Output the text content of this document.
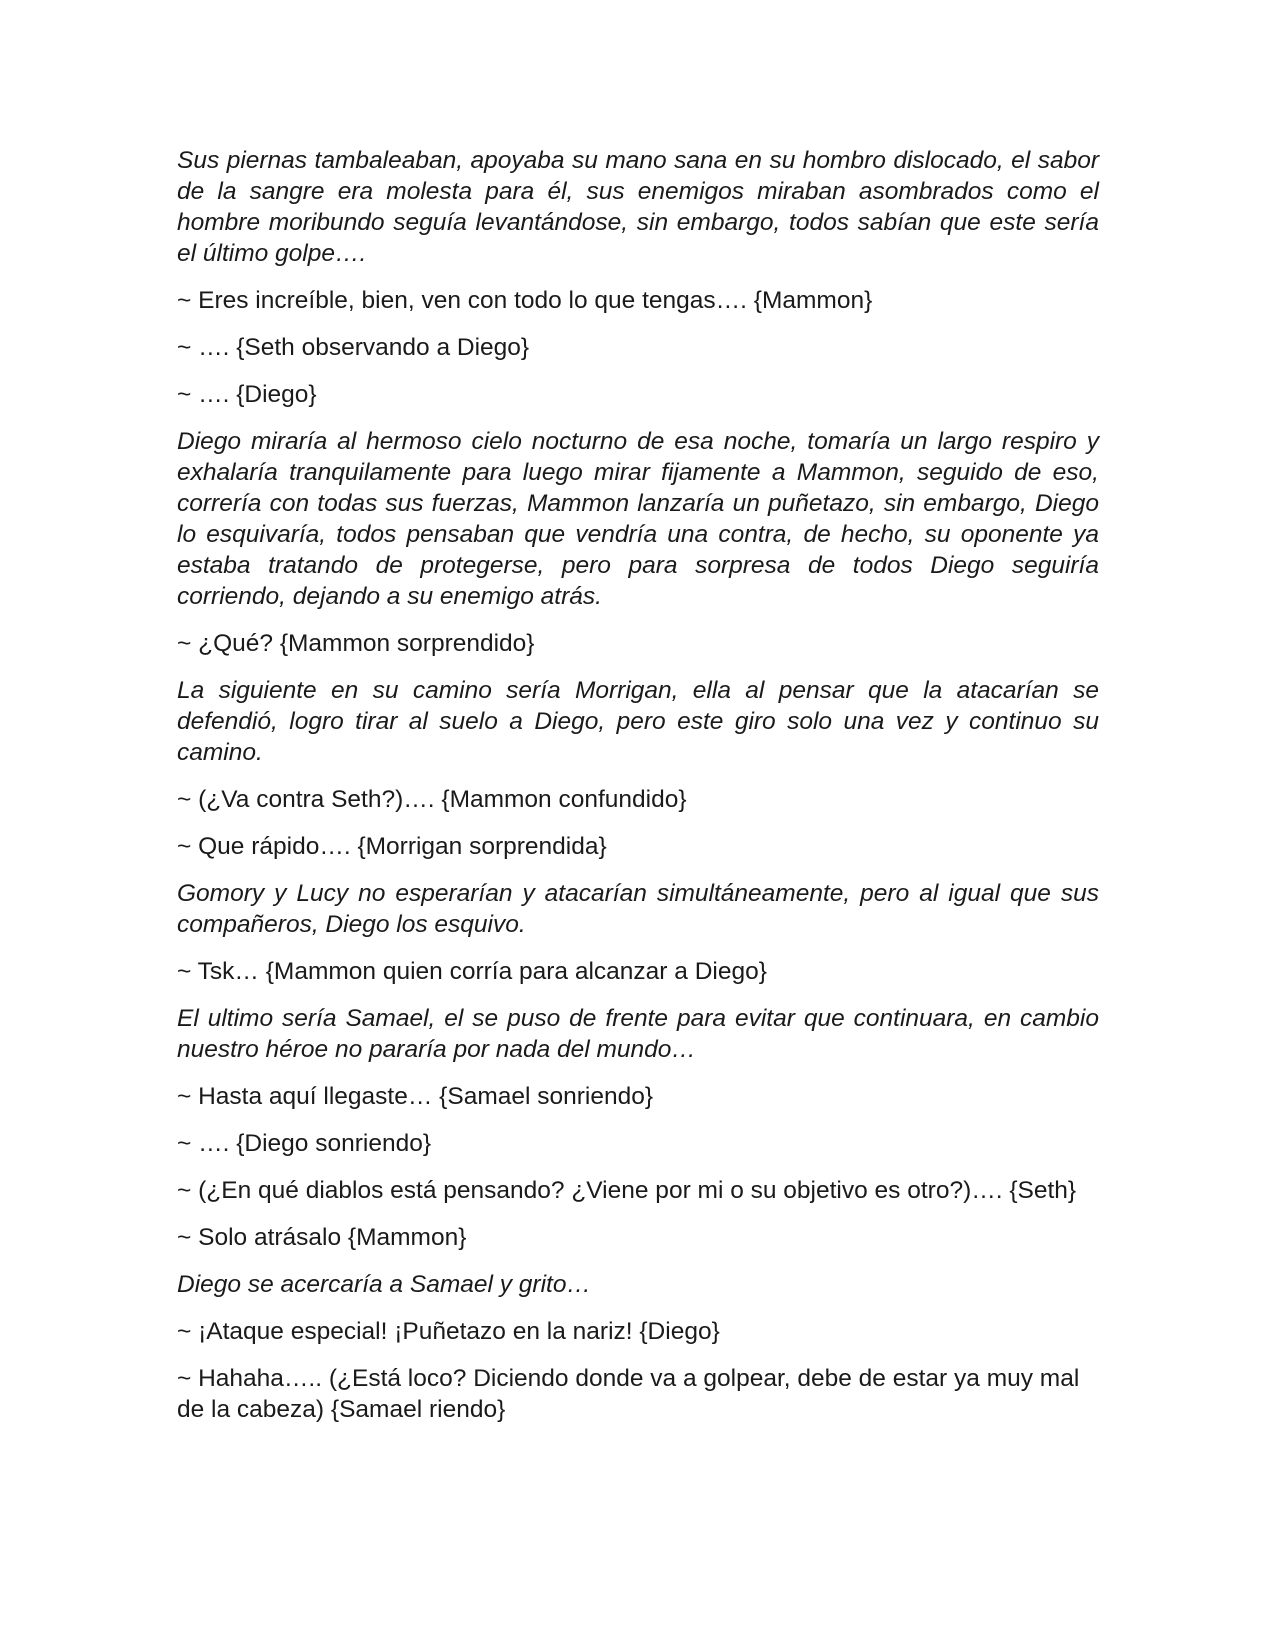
Sus piernas tambaleaban, apoyaba su mano sana en su hombro dislocado, el sabor de la sangre era molesta para él, sus enemigos miraban asombrados como el hombre moribundo seguía levantándose, sin embargo, todos sabían que este sería el último golpe….

~ Eres increíble, bien, ven con todo lo que tengas…. {Mammon}

~ …. {Seth observando a Diego}

~ …. {Diego}

Diego miraría al hermoso cielo nocturno de esa noche, tomaría un largo respiro y exhalaría tranquilamente para luego mirar fijamente a Mammon, seguido de eso, correría con todas sus fuerzas, Mammon lanzaría un puñetazo, sin embargo, Diego lo esquivaría, todos pensaban que vendría una contra, de hecho, su oponente ya estaba tratando de protegerse, pero para sorpresa de todos Diego seguiría corriendo, dejando a su enemigo atrás.

~ ¿Qué? {Mammon sorprendido}

La siguiente en su camino sería Morrigan, ella al pensar que la atacarían se defendió, logro tirar al suelo a Diego, pero este giro solo una vez y continuo su camino.

~ (¿Va contra Seth?)…. {Mammon confundido}

~ Que rápido…. {Morrigan sorprendida}

Gomory y Lucy no esperarían y atacarían simultáneamente, pero al igual que sus compañeros, Diego los esquivo.

~ Tsk… {Mammon quien corría para alcanzar a Diego}

El ultimo sería Samael, el se puso de frente para evitar que continuara, en cambio nuestro héroe no pararía por nada del mundo…

~ Hasta aquí llegaste… {Samael sonriendo}

~ …. {Diego sonriendo}

~ (¿En qué diablos está pensando? ¿Viene por mi o su objetivo es otro?)…. {Seth}

~ Solo atrásalo {Mammon}

Diego se acercaría a Samael y grito…

~ ¡Ataque especial! ¡Puñetazo en la nariz! {Diego}

~ Hahaha….. (¿Está loco? Diciendo donde va a golpear, debe de estar ya muy mal de la cabeza) {Samael riendo}
